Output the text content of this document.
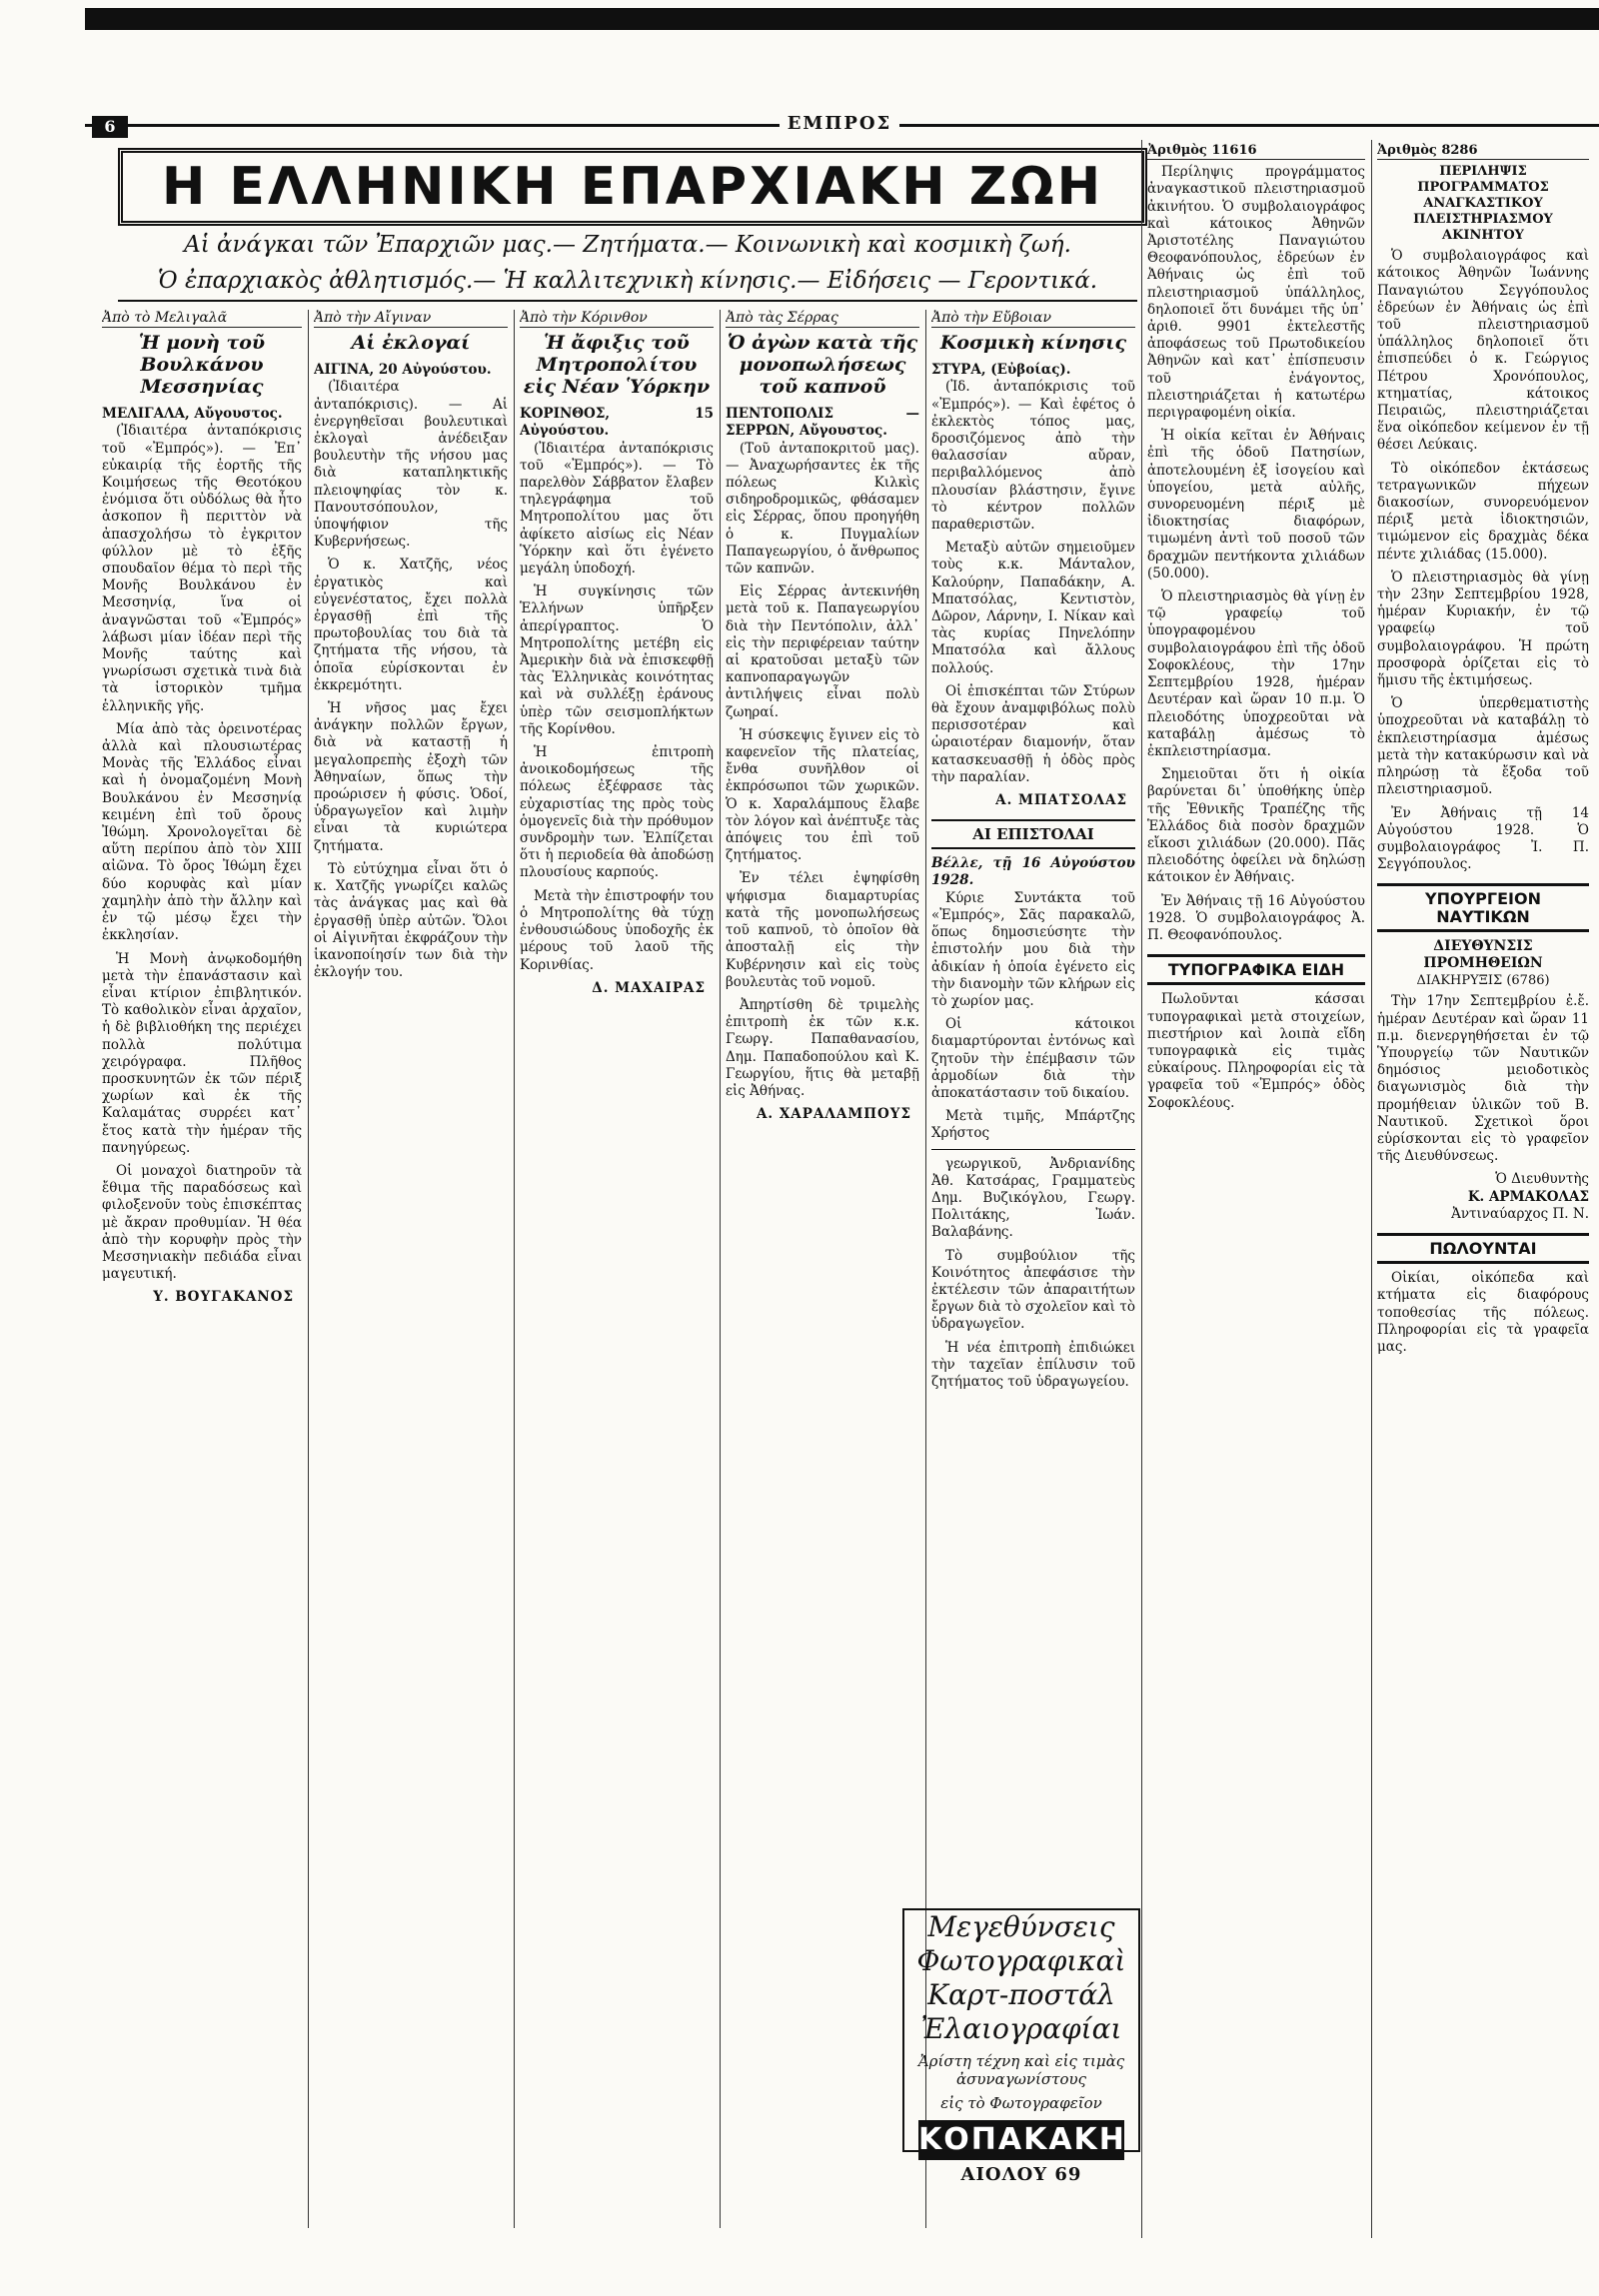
6	ΕΜΠΡΟΣ
Η ΕΛΛΗΝΙΚΗ ΕΠΑΡΧΙΑΚΗ ΖΩΗ
Αἱ ἀνάγκαι τῶν Ἐπαρχιῶν μας.— Ζητήματα.— Κοινωνικὴ καὶ κοσμικὴ ζωή.
Ὁ ἐπαρχιακὸς ἀθλητισμός.— Ἡ καλλιτεχνικὴ κίνησις.— Εἰδήσεις — Γεροντικά.
Ἀπὸ τὸ Μελιγαλᾶ
Ἡ μονὴ τοῦ Βουλκάνου Μεσσηνίας
ΜΕΛΙΓΑΛΑ, Αὔγουστος.

(Ἰδιαιτέρα ἀνταπόκρισις τοῦ «Ἐμπρός»). — Ἐπ᾿ εὐκαιρίᾳ τῆς ἑορτῆς τῆς Κοιμήσεως τῆς Θεοτόκου ἐνόμισα ὅτι οὐδόλως θὰ ἦτο ἀσκοπον ἢ περιττὸν νὰ ἀπασχολήσω τὸ ἐγκριτον φύλλον μὲ τὸ ἑξῆς σπουδαῖον θέμα τὸ περὶ τῆς Μονῆς Βουλκάνου ἐν Μεσσηνίᾳ, ἵνα οἱ ἀναγνῶσται τοῦ «Ἐμπρός» λάβωσι μίαν ἰδέαν περὶ τῆς Μονῆς ταύτης καὶ γνωρίσωσι σχετικὰ τινὰ διὰ τὰ ἱστορικὸν τμῆμα ἑλληνικῆς γῆς.

Μία ἀπὸ τὰς ὀρεινοτέρας ἀλλὰ καὶ πλουσιωτέρας Μονὰς τῆς Ἑλλάδος εἶναι καὶ ἡ ὀνομαζομένη Μονὴ Βουλκάνου ἐν Μεσσηνίᾳ κειμένη ἐπὶ τοῦ ὄρους Ἰθώμη. Χρονολογεῖται δὲ αὕτη περίπου ἀπὸ τὸν XIII αἰῶνα. Τὸ ὄρος Ἰθώμη ἔχει δύο κορυφὰς καὶ μίαν χαμηλὴν ἀπὸ τὴν ἄλλην καὶ ἐν τῷ μέσῳ ἔχει τὴν ἐκκλησίαν.

Ἡ Μονὴ ἀνῳκοδομήθη μετὰ τὴν ἐπανάστασιν καὶ εἶναι κτίριον ἐπιβλητικόν. Τὸ καθολικὸν εἶναι ἀρχαῖον, ἡ δὲ βιβλιοθήκη της περιέχει πολλὰ πολύτιμα χειρόγραφα. Πλῆθος προσκυνητῶν ἐκ τῶν πέριξ χωρίων καὶ ἐκ τῆς Καλαμάτας συρρέει κατ᾿ ἔτος κατὰ τὴν ἡμέραν τῆς πανηγύρεως.

Οἱ μοναχοὶ διατηροῦν τὰ ἔθιμα τῆς παραδόσεως καὶ φιλοξενοῦν τοὺς ἐπισκέπτας μὲ ἄκραν προθυμίαν. Ἡ θέα ἀπὸ τὴν κορυφὴν πρὸς τὴν Μεσσηνιακὴν πεδιάδα εἶναι μαγευτική.

Υ. ΒΟΥΓΑΚΑΝΟΣ
Ἀπὸ τὴν Αἴγιναν
Αἱ ἐκλογαί
ΑΙΓΙΝΑ, 20 Αὐγούστου.

(Ἰδιαιτέρα ἀνταπόκρισις). — Αἱ ἐνεργηθεῖσαι βουλευτικαὶ ἐκλογαὶ ἀνέδειξαν βουλευτὴν τῆς νήσου μας διὰ καταπληκτικῆς πλειοψηφίας τὸν κ. Πανουτσόπουλον, ὑποψήφιον τῆς Κυβερνήσεως.

Ὁ κ. Χατζῆς, νέος ἐργατικὸς καὶ εὐγενέστατος, ἔχει πολλὰ ἐργασθῇ ἐπὶ τῆς πρωτοβουλίας του διὰ τὰ ζητήματα τῆς νήσου, τὰ ὁποῖα εὑρίσκονται ἐν ἐκκρεμότητι.

Ἡ νῆσος μας ἔχει ἀνάγκην πολλῶν ἔργων, διὰ νὰ καταστῇ ἡ μεγαλοπρεπὴς ἐξοχὴ τῶν Ἀθηναίων, ὅπως τὴν προώρισεν ἡ φύσις. Ὁδοί, ὑδραγωγεῖον καὶ λιμὴν εἶναι τὰ κυριώτερα ζητήματα.

Τὸ εὐτύχημα εἶναι ὅτι ὁ κ. Χατζῆς γνωρίζει καλῶς τὰς ἀνάγκας μας καὶ θὰ ἐργασθῇ ὑπὲρ αὐτῶν. Ὅλοι οἱ Αἰγινῆται ἐκφράζουν τὴν ἱκανοποίησίν των διὰ τὴν ἐκλογήν του.

Ἀπὸ τὴν Κόρινθον
Ἡ ἄφιξις τοῦ Μητροπολίτου εἰς Νέαν Ὑόρκην
ΚΟΡΙΝΘΟΣ, 15 Αὐγούστου.

(Ἰδιαιτέρα ἀνταπόκρισις τοῦ «Ἐμπρός»). — Τὸ παρελθὸν Σάββατον ἔλαβεν τηλεγράφημα τοῦ Μητροπολίτου μας ὅτι ἀφίκετο αἰσίως εἰς Νέαν Ὑόρκην καὶ ὅτι ἐγένετο μεγάλη ὑποδοχή.

Ἡ συγκίνησις τῶν Ἑλλήνων ὑπῆρξεν ἀπερίγραπτος. Ὁ Μητροπολίτης μετέβη εἰς Ἀμερικὴν διὰ νὰ ἐπισκεφθῇ τὰς Ἑλληνικὰς κοινότητας καὶ νὰ συλλέξῃ ἐράνους ὑπὲρ τῶν σεισμοπλήκτων τῆς Κορίνθου.

Ἡ ἐπιτροπὴ ἀνοικοδομήσεως τῆς πόλεως ἐξέφρασε τὰς εὐχαριστίας της πρὸς τοὺς ὁμογενεῖς διὰ τὴν πρόθυμον συνδρομὴν των. Ἐλπίζεται ὅτι ἡ περιοδεία θὰ ἀποδώσῃ πλουσίους καρπούς.

Μετὰ τὴν ἐπιστροφήν του ὁ Μητροπολίτης θὰ τύχῃ ἐνθουσιώδους ὑποδοχῆς ἐκ μέρους τοῦ λαοῦ τῆς Κορινθίας.

Δ. ΜΑΧΑΙΡΑΣ
Ἀπὸ τὰς Σέρρας
Ὁ ἀγὼν κατὰ τῆς μονοπωλήσεως τοῦ καπνοῦ
ΠΕΝΤΟΠΟΛΙΣ — ΣΕΡΡΩΝ, Αὔγουστος.

(Τοῦ ἀνταποκριτοῦ μας). — Ἀναχωρήσαντες ἐκ τῆς πόλεως Κιλκὶς σιδηροδρομικῶς, φθάσαμεν εἰς Σέρρας, ὅπου προηγήθη ὁ κ. Πυγμαλίων Παπαγεωργίου, ὁ ἄνθρωπος τῶν καπνῶν.

Εἰς Σέρρας ἀντεκινήθη μετὰ τοῦ κ. Παπαγεωργίου διὰ τὴν Πεντόπολιν, ἀλλ᾿ εἰς τὴν περιφέρειαν ταύτην αἱ κρατοῦσαι μεταξὺ τῶν καπνοπαραγωγῶν ἀντιλήψεις εἶναι πολὺ ζωηραί.

Ἡ σύσκεψις ἔγινεν εἰς τὸ καφενεῖον τῆς πλατείας, ἔνθα συνῆλθον οἱ ἐκπρόσωποι τῶν χωρικῶν. Ὁ κ. Χαραλάμπους ἔλαβε τὸν λόγον καὶ ἀνέπτυξε τὰς ἀπόψεις του ἐπὶ τοῦ ζητήματος.

Ἐν τέλει ἐψηφίσθη ψήφισμα διαμαρτυρίας κατὰ τῆς μονοπωλήσεως τοῦ καπνοῦ, τὸ ὁποῖον θὰ ἀποσταλῇ εἰς τὴν Κυβέρνησιν καὶ εἰς τοὺς βουλευτὰς τοῦ νομοῦ.

Ἀπηρτίσθη δὲ τριμελὴς ἐπιτροπὴ ἐκ τῶν κ.κ. Γεωργ. Παπαθανασίου, Δημ. Παπαδοπούλου καὶ Κ. Γεωργίου, ἥτις θὰ μεταβῇ εἰς Ἀθήνας.

Α. ΧΑΡΑΛΑΜΠΟΥΣ
Ἀπὸ τὴν Εὔβοιαν
Κοσμικὴ κίνησις
ΣΤΥΡΑ, (Εὐβοίας).

(Ἰδ. ἀνταπόκρισις τοῦ «Ἐμπρός»). — Καὶ ἐφέτος ὁ ἐκλεκτὸς τόπος μας, δροσιζόμενος ἀπὸ τὴν θαλασσίαν αὔραν, περιβαλλόμενος ἀπὸ πλουσίαν βλάστησιν, ἔγινε τὸ κέντρον πολλῶν παραθεριστῶν.

Μεταξὺ αὐτῶν σημειοῦμεν τοὺς κ.κ. Μάνταλον, Καλούρην, Παπαδάκην, Α. Μπατσόλας, Κεντιστὸν, Δῶρον, Λάρνην, Ι. Νίκαν καὶ τὰς κυρίας Πηνελόπην Μπατσόλα καὶ ἄλλους πολλούς.

Οἱ ἐπισκέπται τῶν Στύρων θὰ ἔχουν ἀναμφιβόλως πολὺ περισσοτέραν καὶ ὡραιοτέραν διαμονήν, ὅταν κατασκευασθῇ ἡ ὁδὸς πρὸς τὴν παραλίαν.

Α. ΜΠΑΤΣΟΛΑΣ
ΑΙ ΕΠΙΣΤΟΛΑΙ
Βέλλε, τῇ 16 Αὐγούστου 1928.

Κύριε Συντάκτα τοῦ «Ἐμπρός», Σᾶς παρακαλῶ, ὅπως δημοσιεύσητε τὴν ἐπιστολήν μου διὰ τὴν ἀδικίαν ἡ ὁποία ἐγένετο εἰς τὴν διανομὴν τῶν κλήρων εἰς τὸ χωρίον μας.

Οἱ κάτοικοι διαμαρτύρονται ἐντόνως καὶ ζητοῦν τὴν ἐπέμβασιν τῶν ἁρμοδίων διὰ τὴν ἀποκατάστασιν τοῦ δικαίου.

Μετὰ τιμῆς, Μπάρτζης Χρήστος

γεωργικοῦ, Ἀνδριανίδης Ἀθ. Κατσάρας, Γραμματεὺς Δημ. Βυζικόγλου, Γεωργ. Πολιτάκης, Ἰωάν. Βαλαβάνης.

Τὸ συμβούλιον τῆς Κοινότητος ἀπεφάσισε τὴν ἐκτέλεσιν τῶν ἀπαραιτήτων ἔργων διὰ τὸ σχολεῖον καὶ τὸ ὑδραγωγεῖον.

Ἡ νέα ἐπιτροπὴ ἐπιδιώκει τὴν ταχεῖαν ἐπίλυσιν τοῦ ζητήματος τοῦ ὑδραγωγείου.

Μεγεθύνσεις
Φωτογραφικαὶ
Καρτ-ποστάλ
Ἐλαιογραφίαι
Ἀρίστη τέχνη καὶ εἰς τιμὰς ἀσυναγωνίστους
εἰς τὸ Φωτογραφεῖον
ΚΟΠΑΚΑΚΗ
ΑΙΟΛΟΥ 69
Ἀριθμὸς 11616

Περίληψις προγράμματος ἀναγκαστικοῦ πλειστηριασμοῦ ἀκινήτου. Ὁ συμβολαιογράφος καὶ κάτοικος Ἀθηνῶν Ἀριστοτέλης Παναγιώτου Θεοφανόπουλος, ἑδρεύων ἐν Ἀθήναις ὡς ἐπὶ τοῦ πλειστηριασμοῦ ὑπάλληλος, δηλοποιεῖ ὅτι δυνάμει τῆς ὑπ᾿ ἀριθ. 9901 ἐκτελεστῆς ἀποφάσεως τοῦ Πρωτοδικείου Ἀθηνῶν καὶ κατ᾿ ἐπίσπευσιν τοῦ ἐνάγοντος, πλειστηριάζεται ἡ κατωτέρω περιγραφομένη οἰκία.

Ἡ οἰκία κεῖται ἐν Ἀθήναις ἐπὶ τῆς ὁδοῦ Πατησίων, ἀποτελουμένη ἐξ ἰσογείου καὶ ὑπογείου, μετὰ αὐλῆς, συνορευομένη πέριξ μὲ ἰδιοκτησίας διαφόρων, τιμωμένη ἀντὶ τοῦ ποσοῦ τῶν δραχμῶν πεντήκοντα χιλιάδων (50.000).

Ὁ πλειστηριασμὸς θὰ γίνῃ ἐν τῷ γραφείῳ τοῦ ὑπογραφομένου συμβολαιογράφου ἐπὶ τῆς ὁδοῦ Σοφοκλέους, τὴν 17ην Σεπτεμβρίου 1928, ἡμέραν Δευτέραν καὶ ὥραν 10 π.μ. Ὁ πλειοδότης ὑποχρεοῦται νὰ καταβάλῃ ἀμέσως τὸ ἐκπλειστηρίασμα.

Σημειοῦται ὅτι ἡ οἰκία βαρύνεται δι᾿ ὑποθήκης ὑπὲρ τῆς Ἐθνικῆς Τραπέζης τῆς Ἑλλάδος διὰ ποσὸν δραχμῶν εἴκοσι χιλιάδων (20.000). Πᾶς πλειοδότης ὀφείλει νὰ δηλώσῃ κάτοικον ἐν Ἀθήναις.

Ἐν Ἀθήναις τῇ 16 Αὐγούστου 1928. Ὁ συμβολαιογράφος Ἀ. Π. Θεοφανόπουλος.

ΤΥΠΟΓΡΑΦΙΚΑ ΕΙΔΗ

Πωλοῦνται κάσσαι τυπογραφικαὶ μετὰ στοιχείων, πιεστήριον καὶ λοιπὰ εἴδη τυπογραφικὰ εἰς τιμὰς εὐκαίρους. Πληροφορίαι εἰς τὰ γραφεῖα τοῦ «Ἐμπρός» ὁδὸς Σοφοκλέους.

Ἀριθμὸς 8286
ΠΕΡΙΛΗΨΙΣ ΠΡΟΓΡΑΜΜΑΤΟΣ ΑΝΑΓΚΑΣΤΙΚΟΥ ΠΛΕΙΣΤΗΡΙΑΣΜΟΥ ΑΚΙΝΗΤΟΥ

Ὁ συμβολαιογράφος καὶ κάτοικος Ἀθηνῶν Ἰωάννης Παναγιώτου Σεγγόπουλος ἑδρεύων ἐν Ἀθήναις ὡς ἐπὶ τοῦ πλειστηριασμοῦ ὑπάλληλος δηλοποιεῖ ὅτι ἐπισπεύδει ὁ κ. Γεώργιος Πέτρου Χρονόπουλος, κτηματίας, κάτοικος Πειραιῶς, πλειστηριάζεται ἕνα οἰκόπεδον κείμενον ἐν τῇ θέσει Λεύκαις.

Τὸ οἰκόπεδον ἐκτάσεως τετραγωνικῶν πήχεων διακοσίων, συνορευόμενον πέριξ μετὰ ἰδιοκτησιῶν, τιμώμενον εἰς δραχμὰς δέκα πέντε χιλιάδας (15.000).

Ὁ πλειστηριασμὸς θὰ γίνῃ τὴν 23ην Σεπτεμβρίου 1928, ἡμέραν Κυριακήν, ἐν τῷ γραφείῳ τοῦ συμβολαιογράφου. Ἡ πρώτη προσφορὰ ὁρίζεται εἰς τὸ ἥμισυ τῆς ἐκτιμήσεως.

Ὁ ὑπερθεματιστὴς ὑποχρεοῦται νὰ καταβάλῃ τὸ ἐκπλειστηρίασμα ἀμέσως μετὰ τὴν κατακύρωσιν καὶ νὰ πληρώσῃ τὰ ἔξοδα τοῦ πλειστηριασμοῦ.

Ἐν Ἀθήναις τῇ 14 Αὐγούστου 1928. Ὁ συμβολαιογράφος Ἰ. Π. Σεγγόπουλος.

ΥΠΟΥΡΓΕΙΟΝ ΝΑΥΤΙΚΩΝ
ΔΙΕΥΘΥΝΣΙΣ ΠΡΟΜΗΘΕΙΩΝ
ΔΙΑΚΗΡΥΞΙΣ (6786)

Τὴν 17ην Σεπτεμβρίου ἐ.ἔ. ἡμέραν Δευτέραν καὶ ὥραν 11 π.μ. διενεργηθήσεται ἐν τῷ Ὑπουργείῳ τῶν Ναυτικῶν δημόσιος μειοδοτικὸς διαγωνισμὸς διὰ τὴν προμήθειαν ὑλικῶν τοῦ Β. Ναυτικοῦ. Σχετικοὶ ὅροι εὑρίσκονται εἰς τὸ γραφεῖον τῆς Διευθύνσεως.

Ὁ Διευθυντὴς
Κ. ΑΡΜΑΚΟΛΑΣ
Ἀντιναύαρχος Π. Ν.
ΠΩΛΟΥΝΤΑΙ

Οἰκίαι, οἰκόπεδα καὶ κτήματα εἰς διαφόρους τοποθεσίας τῆς πόλεως. Πληροφορίαι εἰς τὰ γραφεῖα μας.
